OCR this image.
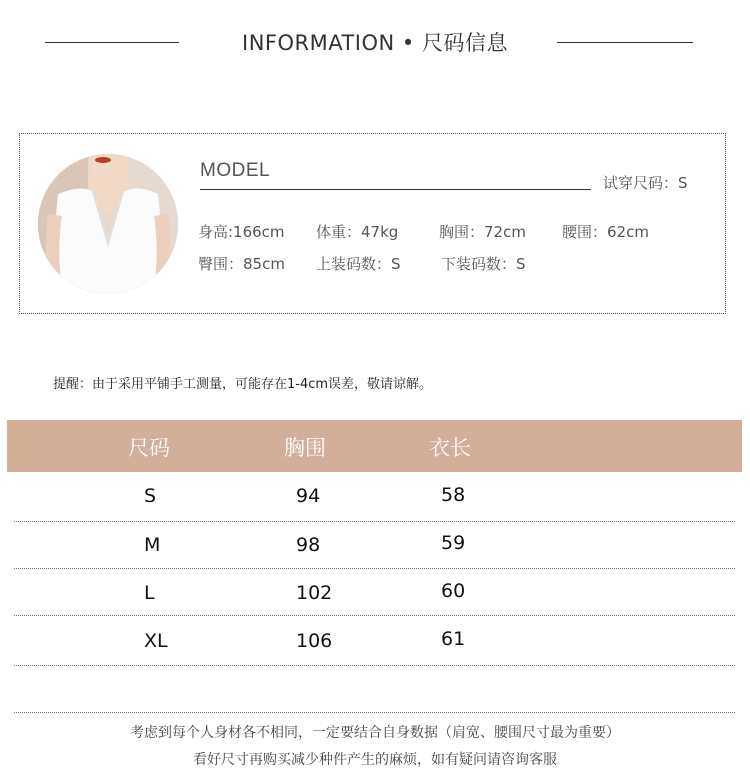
INFORMATION • 尺码信息
MODEL
试穿尺码：S
身高:166cm 体重：47kg	胸围：72cm 腰围：62cm
臀围：85cm 上装码数：S	下装码数：S
提醒：由于采用平铺手工测量，可能存在1-4cm误差，敬请谅解。
尺码	胸围	衣长
S	94	58
M	98	59
L	102	60
XL	106	61
考虑到每个人身材各不相同，一定要结合自身数据（肩宽、腰围尺寸最为重要）
看好尺寸再购买减少种件产生的麻烦，如有疑问请咨询客服
